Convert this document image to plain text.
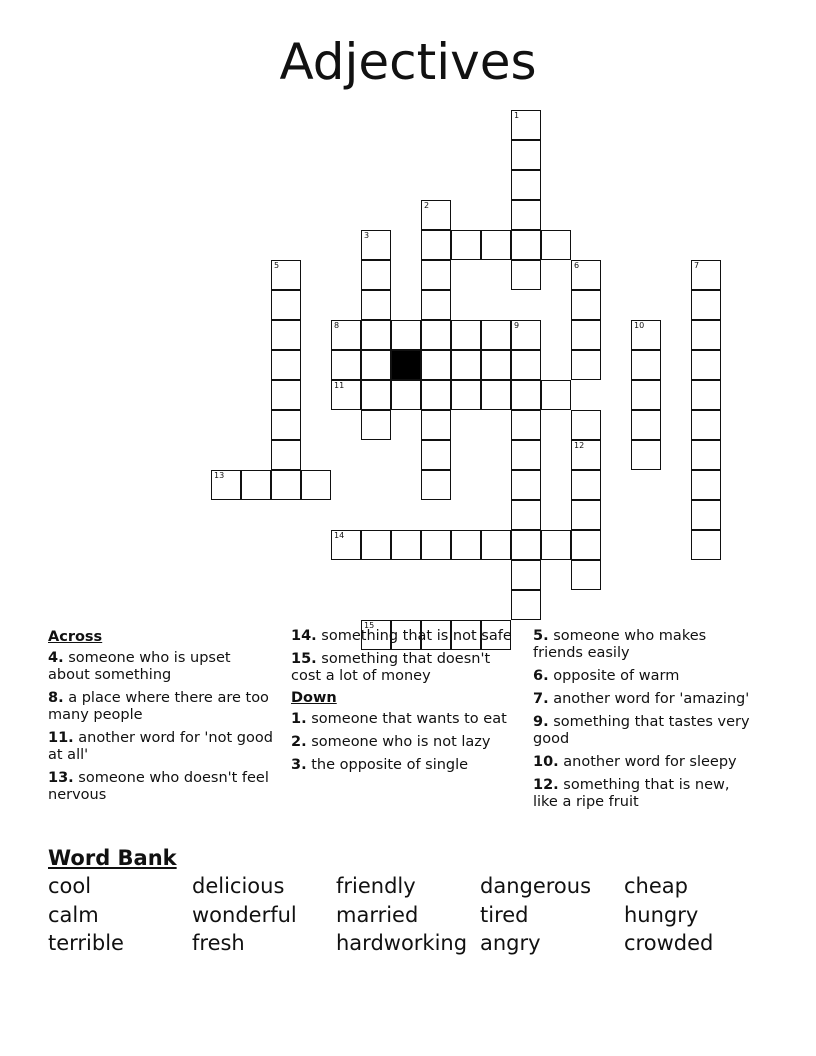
Adjectives
1
2
3
5	6
12
7
8	9	10
11
13
14
15
Across
4. someone who is upset about something
8. a place where there are too many people
11. another word for 'not good at all'
13. someone who doesn't feel nervous
14. something that is not safe
15. something that doesn't cost a lot of money
Down
1. someone that wants to eat
2. someone who is not lazy
3. the opposite of single
5. someone who makes friends easily
6. opposite of warm
7. another word for 'amazing'
9. something that tastes very good
10. another word for sleepy
12. something that is new, like a ripe fruit
Word Bank
cool	delicious friendly	dangerous cheap
calm	wonderful married	tired	hungry
terrible	fresh	hardworking angry	crowded
